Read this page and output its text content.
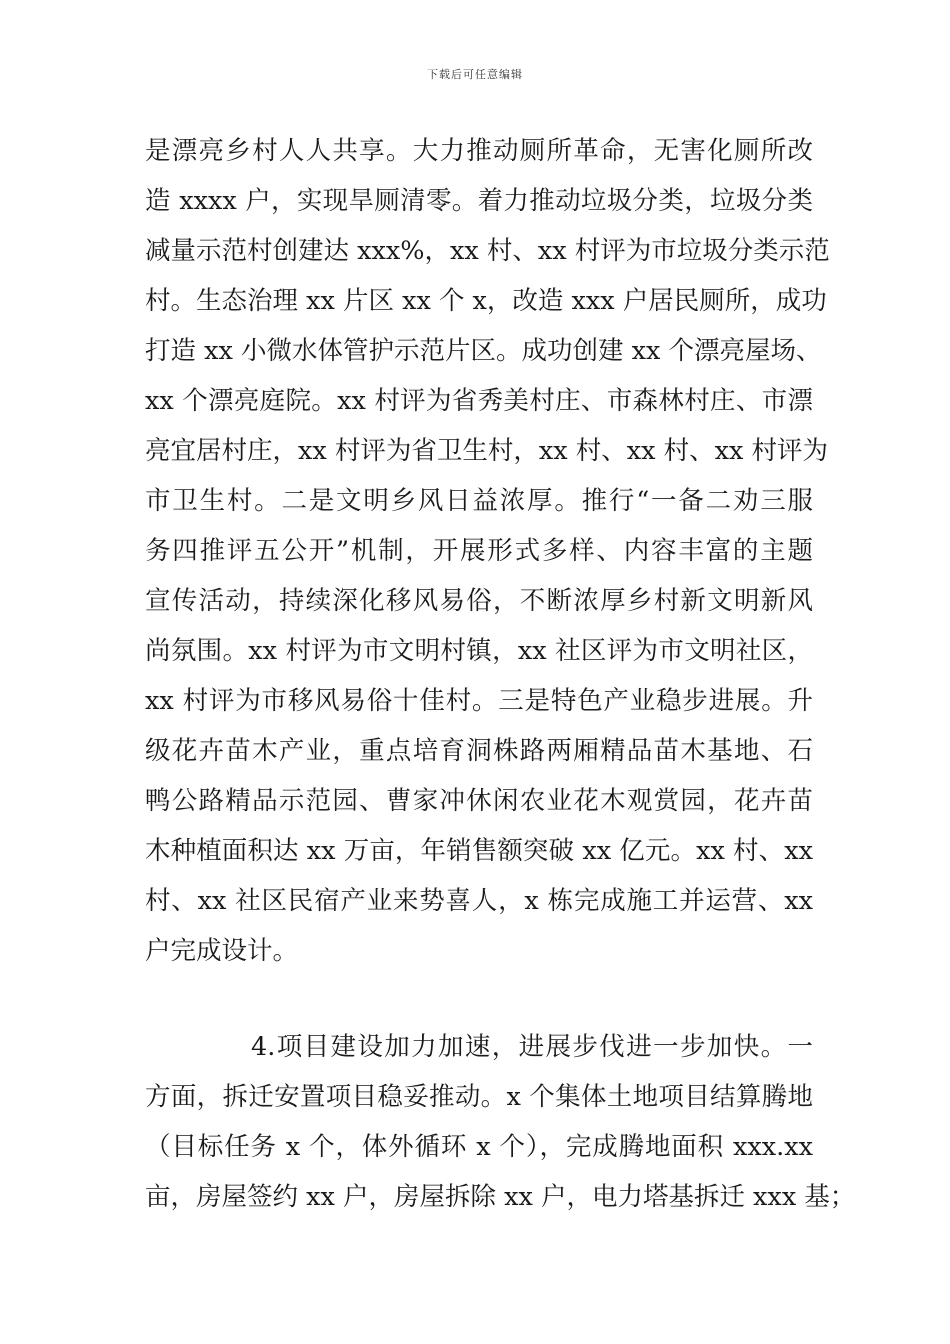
下载后可任意编辑
是漂亮乡村人人共享。大力推动厕所革命，无害化厕所改
造 xxxx 户，实现旱厕清零。着力推动垃圾分类，垃圾分类
减量示范村创建达 xxx%，xx 村、xx 村评为市垃圾分类示范
村。生态治理 xx 片区 xx 个 x，改造 xxx 户居民厕所，成功
打造 xx 小微水体管护示范片区。成功创建 xx 个漂亮屋场、
xx 个漂亮庭院。xx 村评为省秀美村庄、市森林村庄、市漂
亮宜居村庄，xx 村评为省卫生村，xx 村、xx 村、xx 村评为
市卫生村。二是文明乡风日益浓厚。推行“一备二劝三服
务四推评五公开”机制，开展形式多样、内容丰富的主题
宣传活动，持续深化移风易俗，不断浓厚乡村新文明新风
尚氛围。xx 村评为市文明村镇，xx 社区评为市文明社区，
xx 村评为市移风易俗十佳村。三是特色产业稳步进展。升
级花卉苗木产业，重点培育洞株路两厢精品苗木基地、石
鸭公路精品示范园、曹家冲休闲农业花木观赏园，花卉苗
木种植面积达 xx 万亩，年销售额突破 xx 亿元。xx 村、xx
村、xx 社区民宿产业来势喜人，x 栋完成施工并运营、xx
户完成设计。
4.项目建设加力加速，进展步伐进一步加快。一
方面，拆迁安置项目稳妥推动。x 个集体土地项目结算腾地
（目标任务 x 个，体外循环 x 个），完成腾地面积 xxx.xx
亩，房屋签约 xx 户，房屋拆除 xx 户，电力塔基拆迁 xxx 基；
